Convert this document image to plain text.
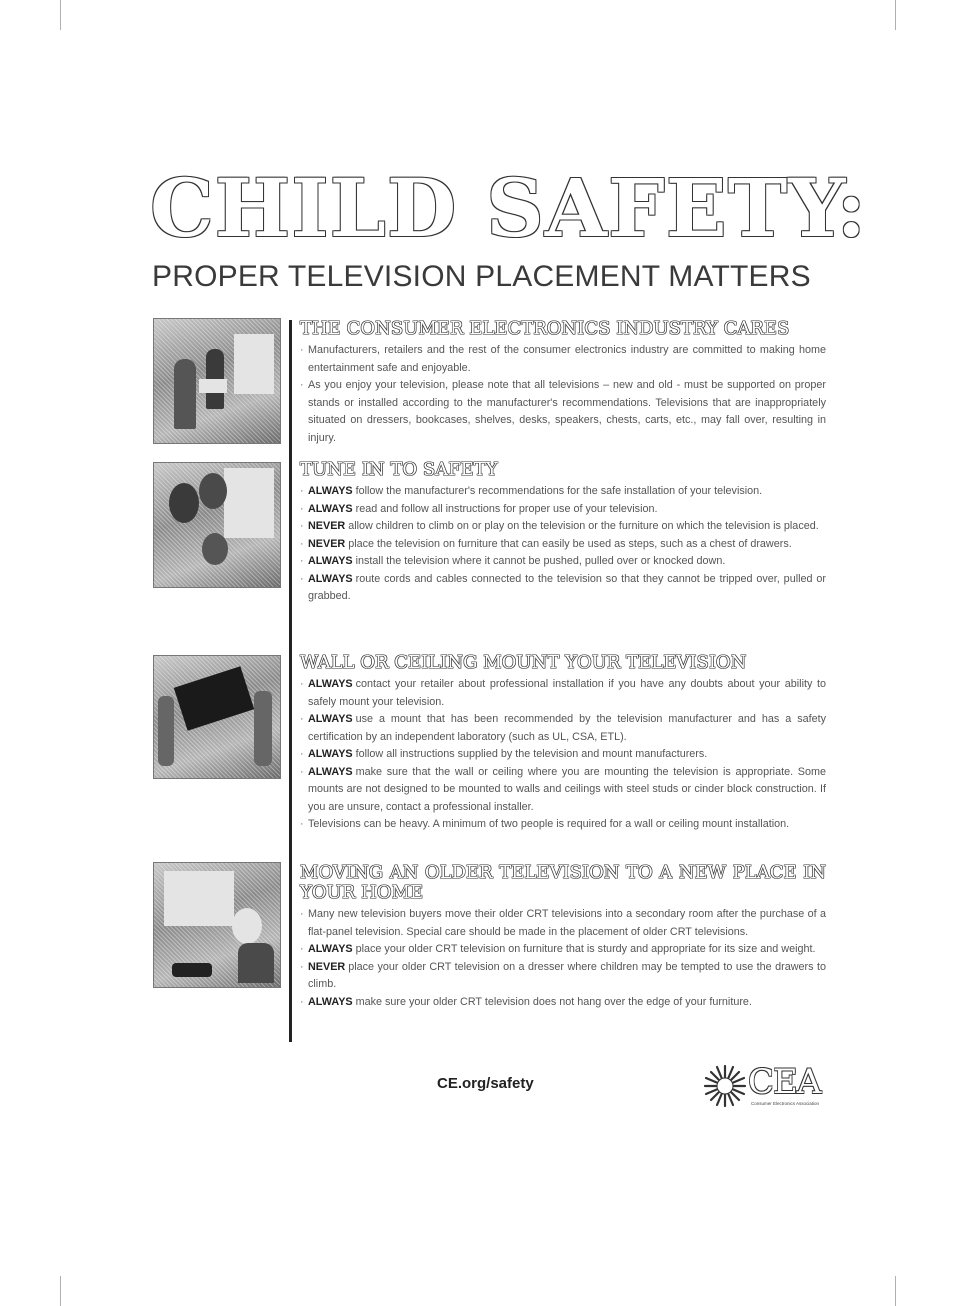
CHILD SAFETY:
PROPER TELEVISION PLACEMENT MATTERS
THE CONSUMER ELECTRONICS INDUSTRY CARES
· Manufacturers, retailers and the rest of the consumer electronics industry are committed to making home entertainment safe and enjoyable.
· As you enjoy your television, please note that all televisions – new and old - must be supported on proper stands or installed according to the manufacturer's recommendations. Televisions that are inappropriately situated on dressers, bookcases, shelves, desks, speakers, chests, carts, etc., may fall over, resulting in injury.
TUNE IN TO SAFETY
· ALWAYS follow the manufacturer's recommendations for the safe installation of your television.
· ALWAYS read and follow all instructions for proper use of your television.
· NEVER allow children to climb on or play on the television or the furniture on which the television is placed.
· NEVER place the television on furniture that can easily be used as steps, such as a chest of drawers.
· ALWAYS install the television where it cannot be pushed, pulled over or knocked down.
· ALWAYS route cords and cables connected to the television so that they cannot be tripped over, pulled or grabbed.
WALL OR CEILING MOUNT YOUR TELEVISION
· ALWAYS contact your retailer about professional installation if you have any doubts about your ability to safely mount your television.
· ALWAYS use a mount that has been recommended by the television manufacturer and has a safety certification by an independent laboratory (such as UL, CSA, ETL).
· ALWAYS follow all instructions supplied by the television and mount manufacturers.
· ALWAYS make sure that the wall or ceiling where you are mounting the television is appropriate. Some mounts are not designed to be mounted to walls and ceilings with steel studs or cinder block construction. If you are unsure, contact a professional installer.
· Televisions can be heavy. A minimum of two people is required for a wall or ceiling mount installation.
MOVING AN OLDER TELEVISION TO A NEW PLACE IN YOUR HOME
· Many new television buyers move their older CRT televisions into a secondary room after the purchase of a flat-panel television. Special care should be made in the placement of older CRT televisions.
· ALWAYS place your older CRT television on furniture that is sturdy and appropriate for its size and weight.
· NEVER place your older CRT television on a dresser where children may be tempted to use the drawers to climb.
· ALWAYS make sure your older CRT television does not hang over the edge of your furniture.
CE.org/safety	CEA
Consumer Electronics Association
